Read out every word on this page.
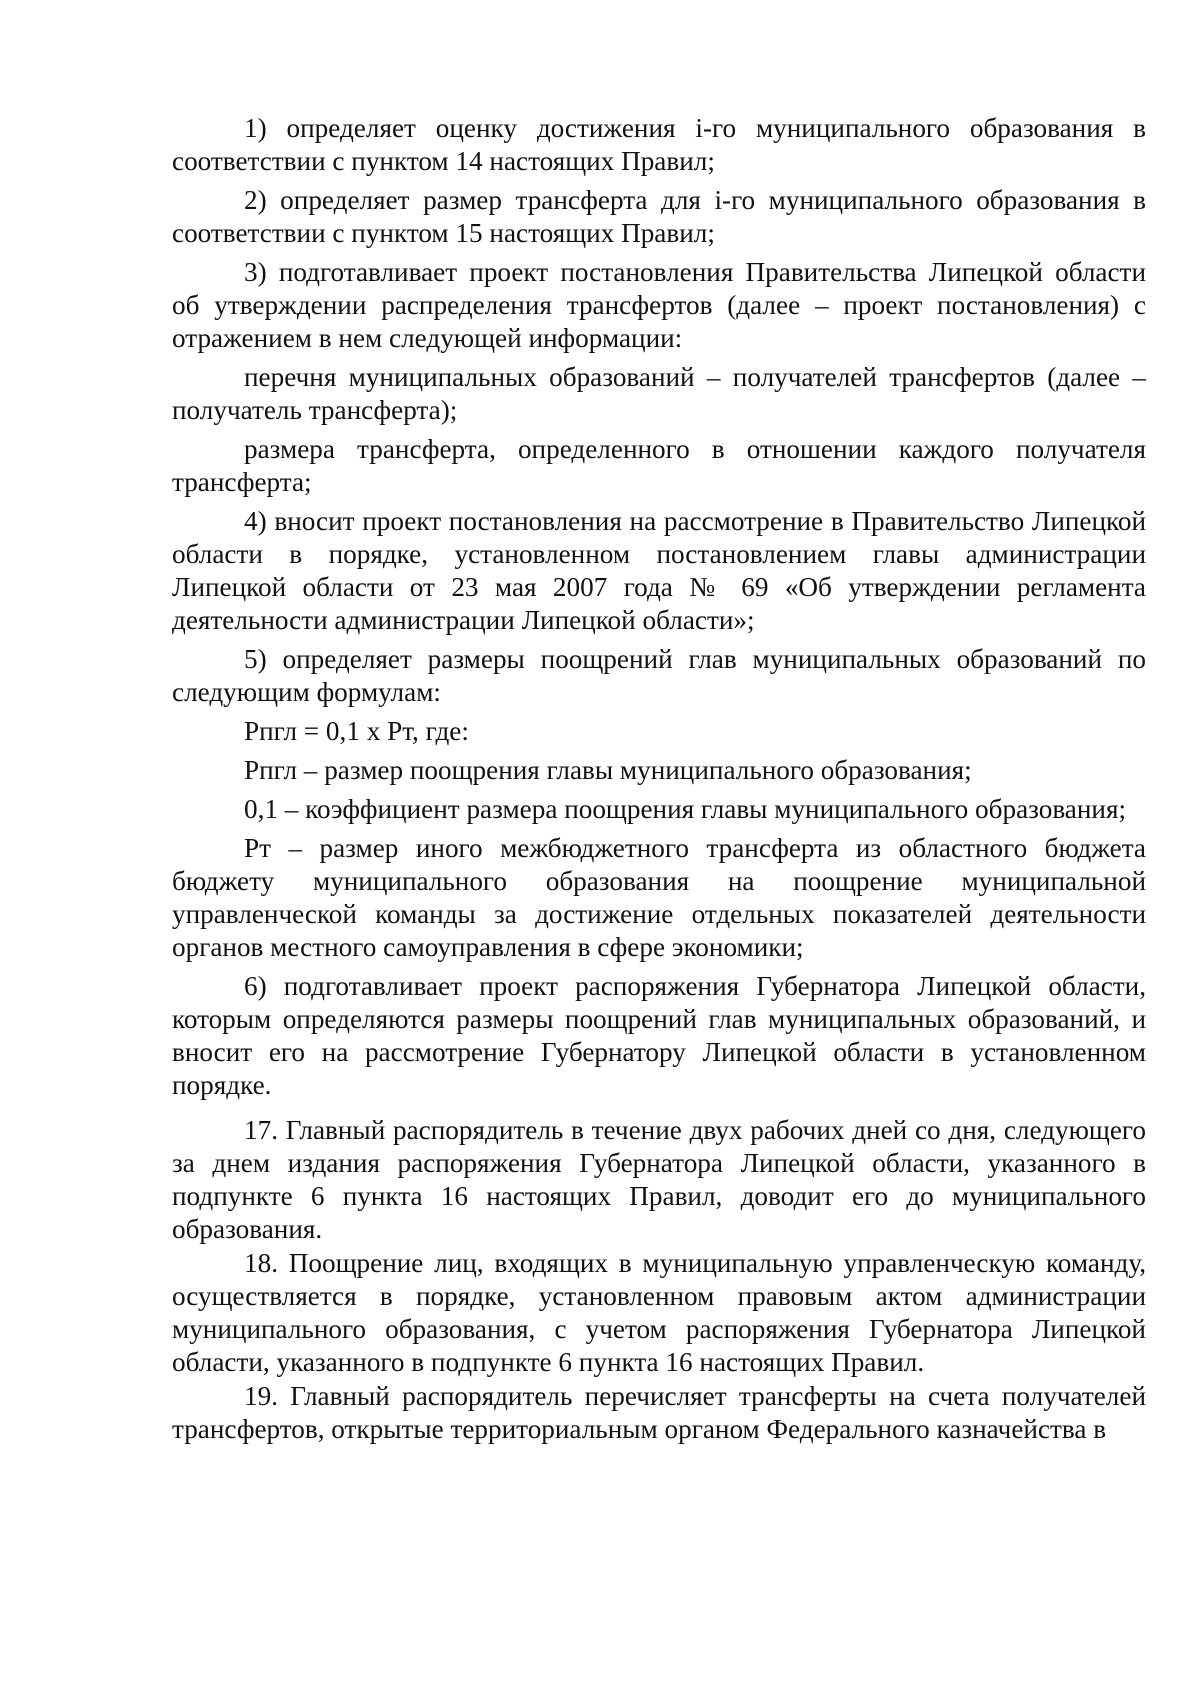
1) определяет оценку достижения i-го муниципального образования в соответствии с пунктом 14 настоящих Правил;

2) определяет размер трансферта для i-го муниципального образования в соответствии с пунктом 15 настоящих Правил;

3) подготавливает проект постановления Правительства Липецкой области об утверждении распределения трансфертов (далее – проект постановления) с отражением в нем следующей информации:

перечня муниципальных образований – получателей трансфертов (далее – получатель трансферта);

размера трансферта, определенного в отношении каждого получателя трансферта;

4) вносит проект постановления на рассмотрение в Правительство Липецкой области в порядке, установленном постановлением главы администрации Липецкой области от 23 мая 2007 года № 69 «Об утверждении регламента деятельности администрации Липецкой области»;

5) определяет размеры поощрений глав муниципальных образований по следующим формулам:

Рпгл = 0,1 х Рт, где:

Рпгл – размер поощрения главы муниципального образования;

0,1 – коэффициент размера поощрения главы муниципального образования;

Рт – размер иного межбюджетного трансферта из областного бюджета бюджету муниципального образования на поощрение муниципальной управленческой команды за достижение отдельных показателей деятельности органов местного самоуправления в сфере экономики;

6) подготавливает проект распоряжения Губернатора Липецкой области, которым определяются размеры поощрений глав муниципальных образований, и вносит его на рассмотрение Губернатору Липецкой области в установленном порядке.

17. Главный распорядитель в течение двух рабочих дней со дня, следующего за днем издания распоряжения Губернатора Липецкой области, указанного в подпункте 6 пункта 16 настоящих Правил, доводит его до муниципального образования.

18. Поощрение лиц, входящих в муниципальную управленческую команду, осуществляется в порядке, установленном правовым актом администрации муниципального образования, с учетом распоряжения Губернатора Липецкой области, указанного в подпункте 6 пункта 16 настоящих Правил.

19. Главный распорядитель перечисляет трансферты на счета получателей трансфертов, открытые территориальным органом Федерального казначейства в
